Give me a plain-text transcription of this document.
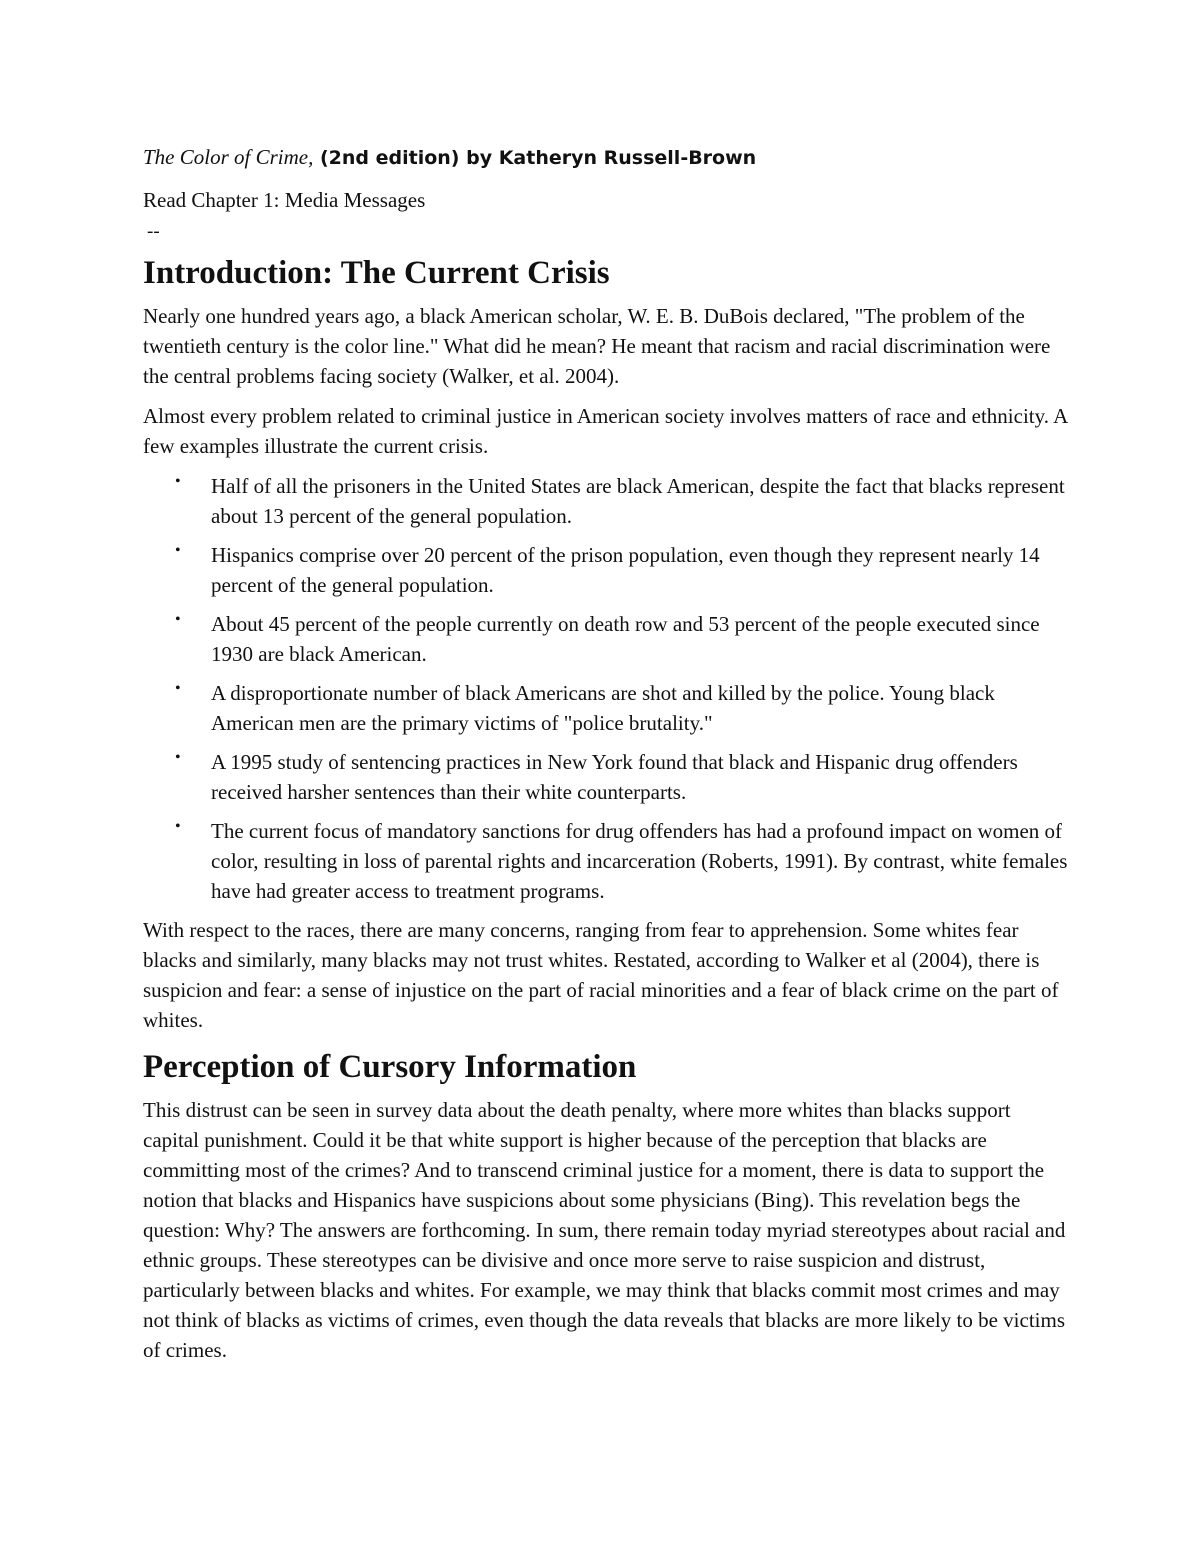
The Color of Crime, (2nd edition) by Katheryn Russell-Brown

Read Chapter 1: Media Messages

--

Introduction: The Current Crisis

Nearly one hundred years ago, a black American scholar, W. E. B. DuBois declared, "The problem of the twentieth century is the color line." What did he mean? He meant that racism and racial discrimination were the central problems facing society (Walker, et al. 2004).

Almost every problem related to criminal justice in American society involves matters of race and ethnicity. A few examples illustrate the current crisis.

• Half of all the prisoners in the United States are black American, despite the fact that blacks represent about 13 percent of the general population.
• Hispanics comprise over 20 percent of the prison population, even though they represent nearly 14 percent of the general population.
• About 45 percent of the people currently on death row and 53 percent of the people executed since 1930 are black American.
• A disproportionate number of black Americans are shot and killed by the police. Young black American men are the primary victims of "police brutality."
• A 1995 study of sentencing practices in New York found that black and Hispanic drug offenders received harsher sentences than their white counterparts.
• The current focus of mandatory sanctions for drug offenders has had a profound impact on women of color, resulting in loss of parental rights and incarceration (Roberts, 1991). By contrast, white females have had greater access to treatment programs.

With respect to the races, there are many concerns, ranging from fear to apprehension. Some whites fear blacks and similarly, many blacks may not trust whites. Restated, according to Walker et al (2004), there is suspicion and fear: a sense of injustice on the part of racial minorities and a fear of black crime on the part of whites.

Perception of Cursory Information

This distrust can be seen in survey data about the death penalty, where more whites than blacks support capital punishment. Could it be that white support is higher because of the perception that blacks are committing most of the crimes? And to transcend criminal justice for a moment, there is data to support the notion that blacks and Hispanics have suspicions about some physicians (Bing). This revelation begs the question: Why? The answers are forthcoming. In sum, there remain today myriad stereotypes about racial and ethnic groups. These stereotypes can be divisive and once more serve to raise suspicion and distrust, particularly between blacks and whites. For example, we may think that blacks commit most crimes and may not think of blacks as victims of crimes, even though the data reveals that blacks are more likely to be victims of crimes.
